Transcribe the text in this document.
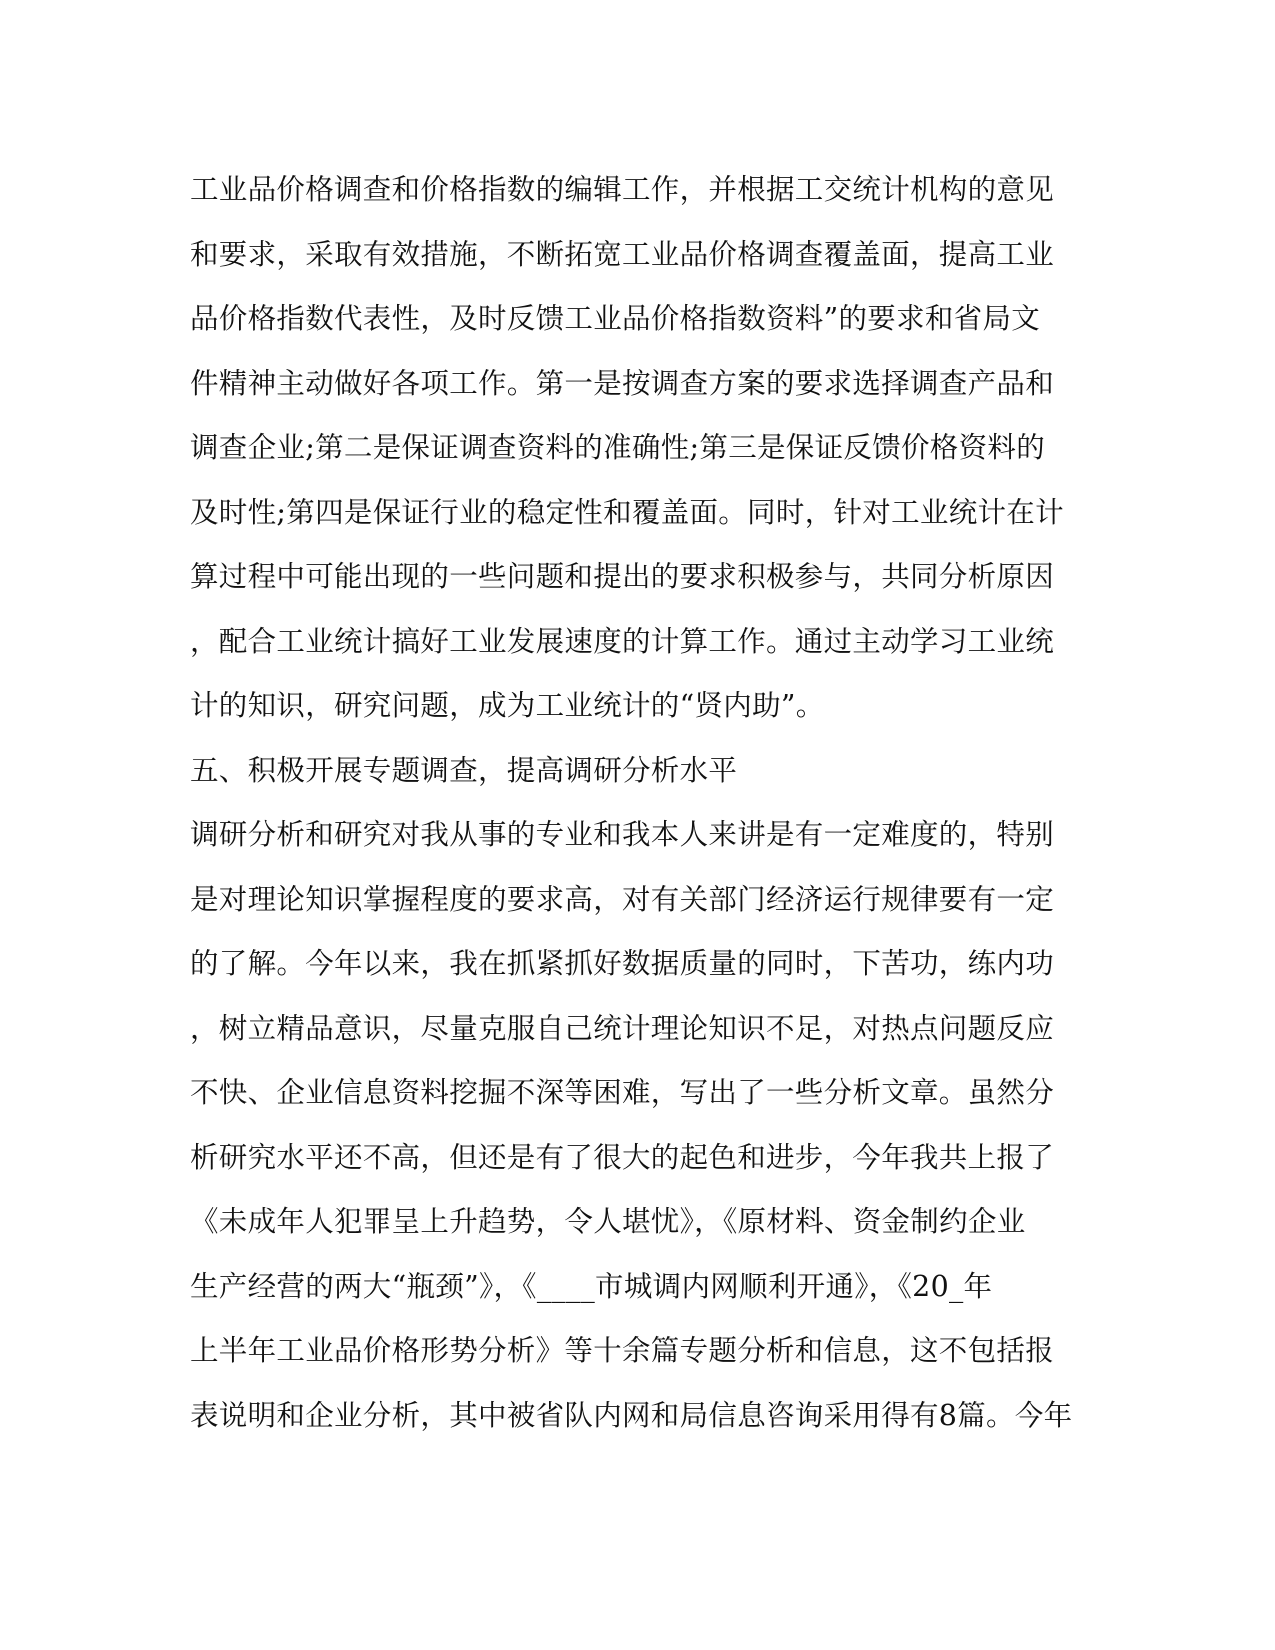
工业品价格调查和价格指数的编辑工作，并根据工交统计机构的意见
和要求，采取有效措施，不断拓宽工业品价格调查覆盖面，提高工业
品价格指数代表性，及时反馈工业品价格指数资料”的要求和省局文
件精神主动做好各项工作。第一是按调查方案的要求选择调查产品和
调查企业;第二是保证调查资料的准确性;第三是保证反馈价格资料的
及时性;第四是保证行业的稳定性和覆盖面。同时，针对工业统计在计
算过程中可能出现的一些问题和提出的要求积极参与，共同分析原因
，配合工业统计搞好工业发展速度的计算工作。通过主动学习工业统
计的知识，研究问题，成为工业统计的“贤内助”。
五、积极开展专题调查，提高调研分析水平
调研分析和研究对我从事的专业和我本人来讲是有一定难度的，特别
是对理论知识掌握程度的要求高，对有关部门经济运行规律要有一定
的了解。今年以来，我在抓紧抓好数据质量的同时，下苦功，练内功
，树立精品意识，尽量克服自己统计理论知识不足，对热点问题反应
不快、企业信息资料挖掘不深等困难，写出了一些分析文章。虽然分
析研究水平还不高，但还是有了很大的起色和进步，今年我共上报了
《未成年人犯罪呈上升趋势，令人堪忧》，《原材料、资金制约企业
生产经营的两大“瓶颈”》，《____市城调内网顺利开通》，《20_年
上半年工业品价格形势分析》等十余篇专题分析和信息，这不包括报
表说明和企业分析，其中被省队内网和局信息咨询采用得有8篇。今年
